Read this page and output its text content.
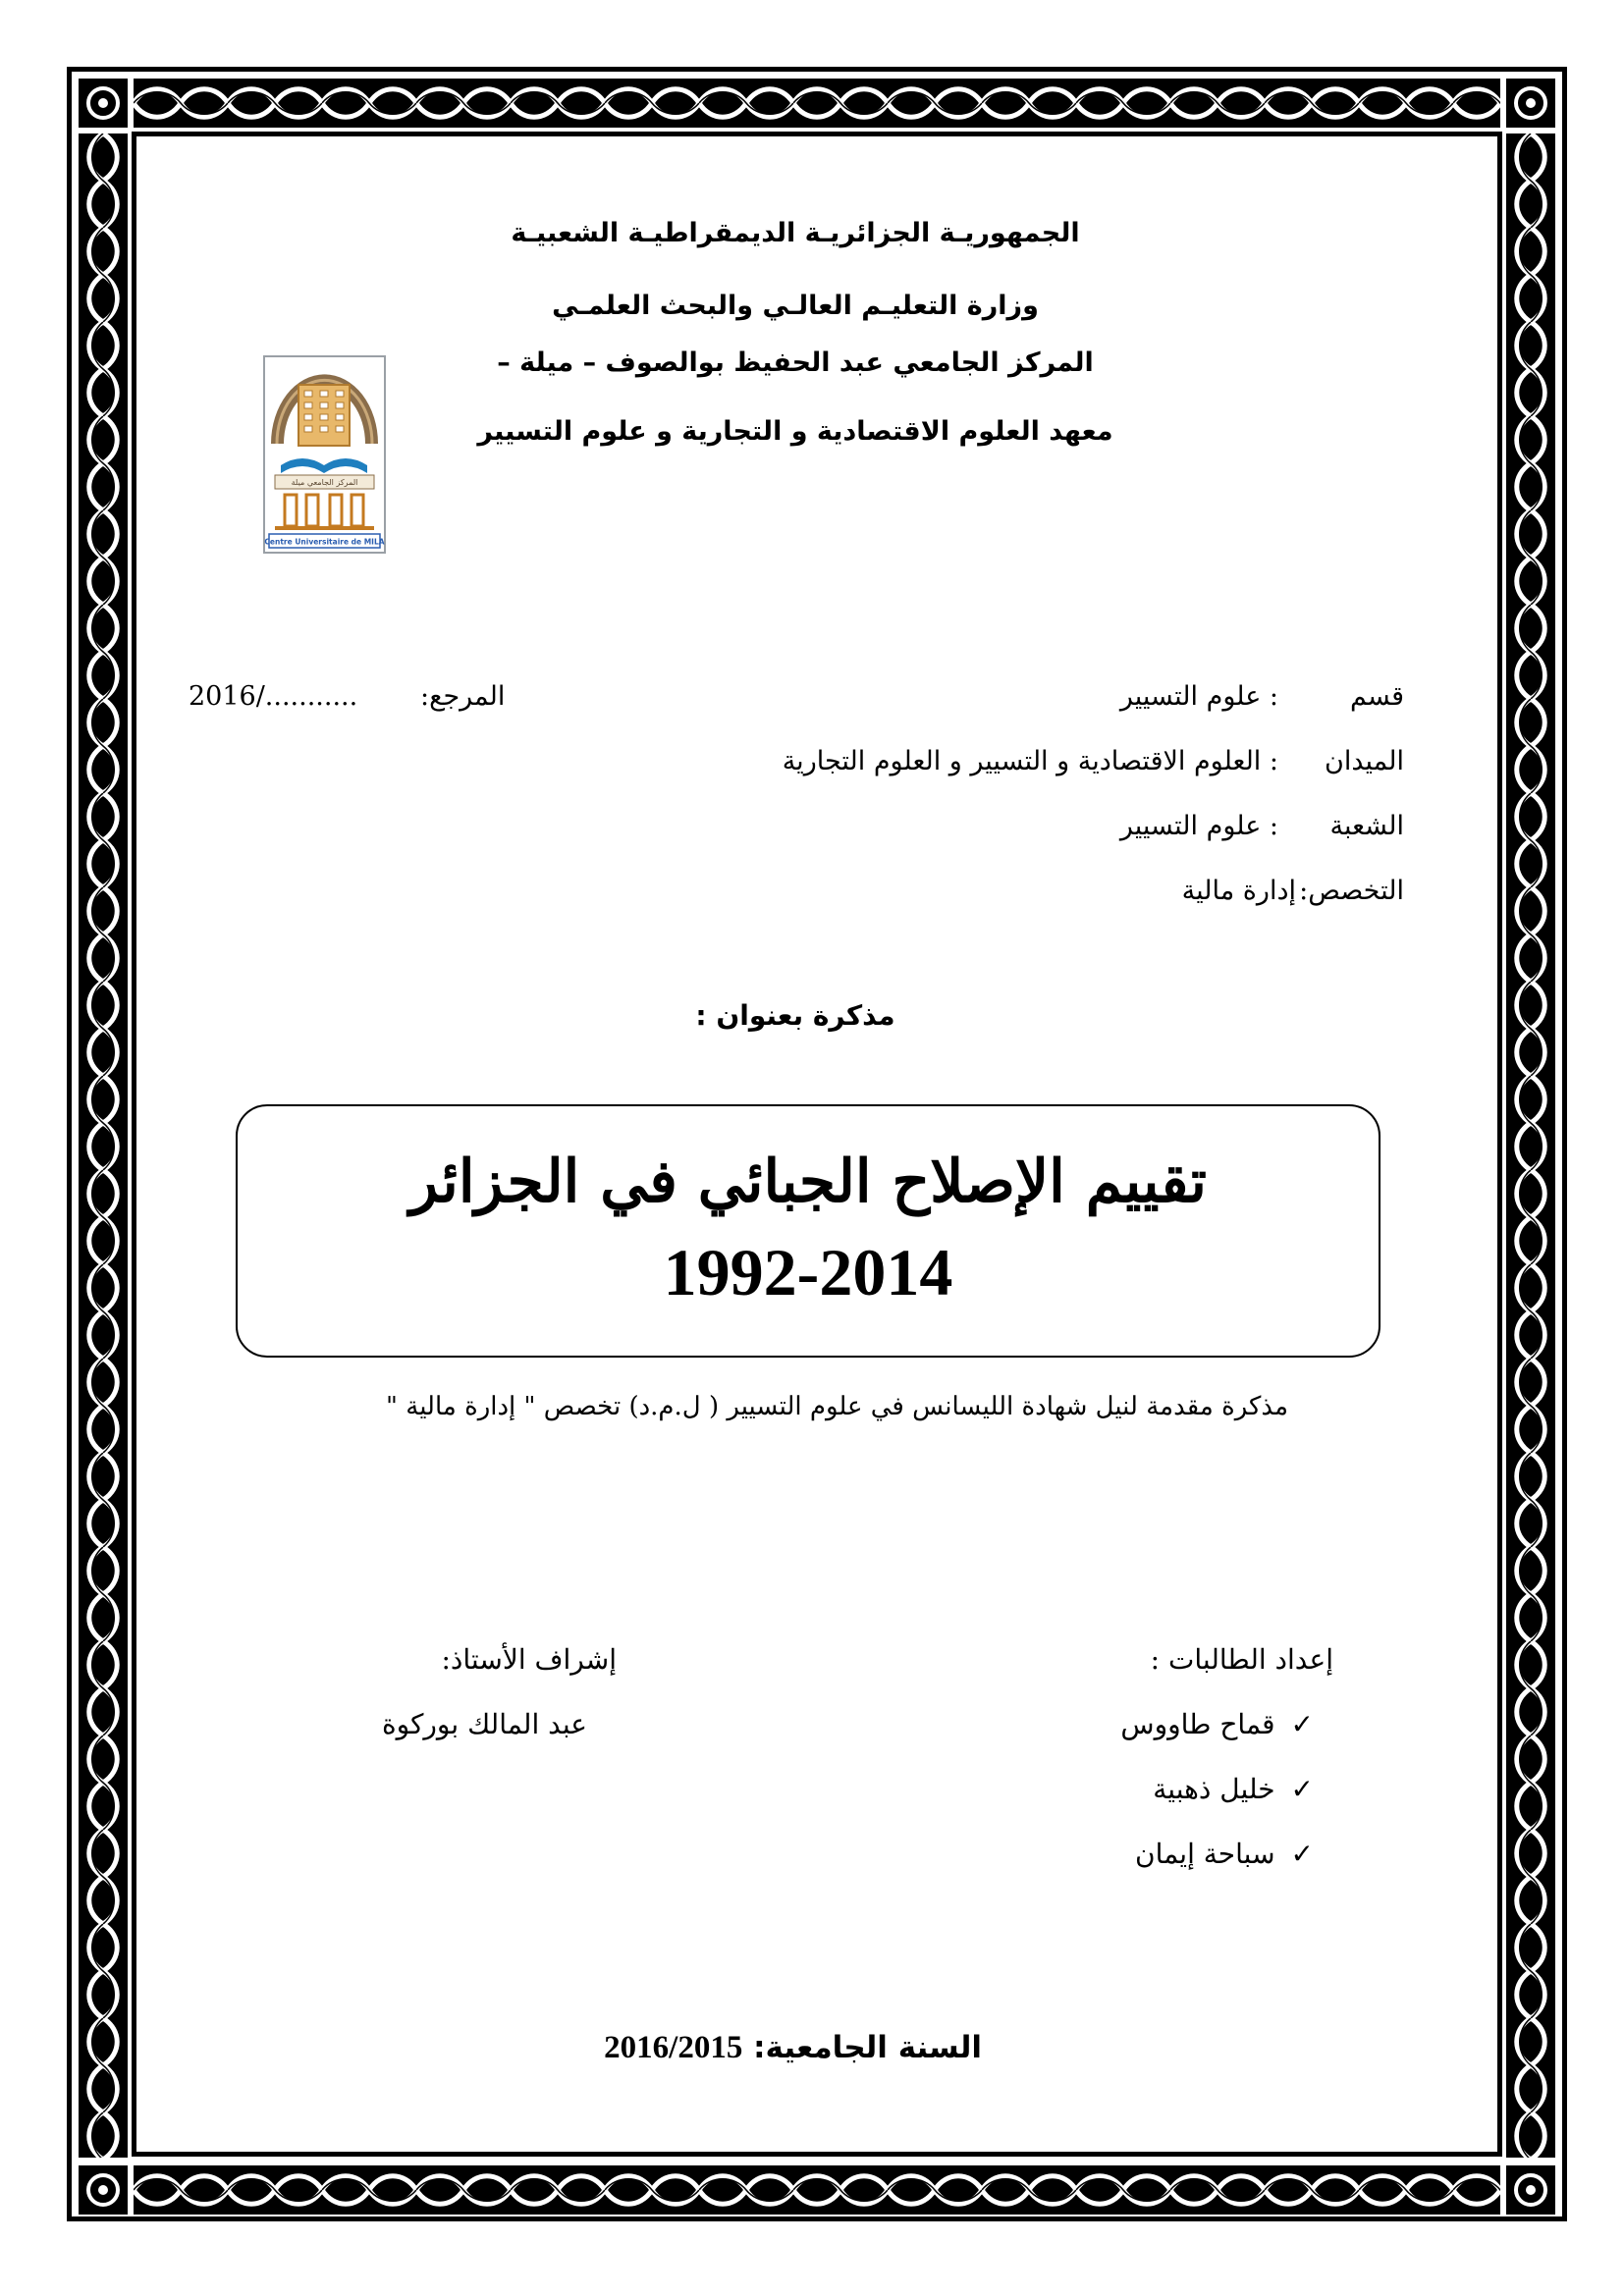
الجمهوريـة الجزائريـة الديمقراطيـة الشعبيـة
وزارة التعليـم العالـي والبحث العلمـي
المركز الجامعي عبد الحفيظ بوالصوف – ميلة –
معهد العلوم الاقتصادية و التجارية و علوم التسيير
المركز الجامعي ميلة
Centre Universitaire de MILA
قسم
: علوم التسيير
المرجع:
2016/...........
الميدان
: العلوم الاقتصادية و التسيير و العلوم التجارية
الشعبة
: علوم التسيير
التخصص:
إدارة مالية
مذكرة بعنوان :
تقييم الإصلاح الجبائي في الجزائر
1992-2014
مذكرة مقدمة لنيل شهادة الليسانس في علوم التسيير ( ل.م.د) تخصص " إدارة مالية "
إعداد الطالبات :
إشراف الأستاذ:
✓قماح طاووس
✓خليل ذهبية
✓سباحة إيمان
عبد المالك بوركوة
السنة الجامعية: 2016/2015
